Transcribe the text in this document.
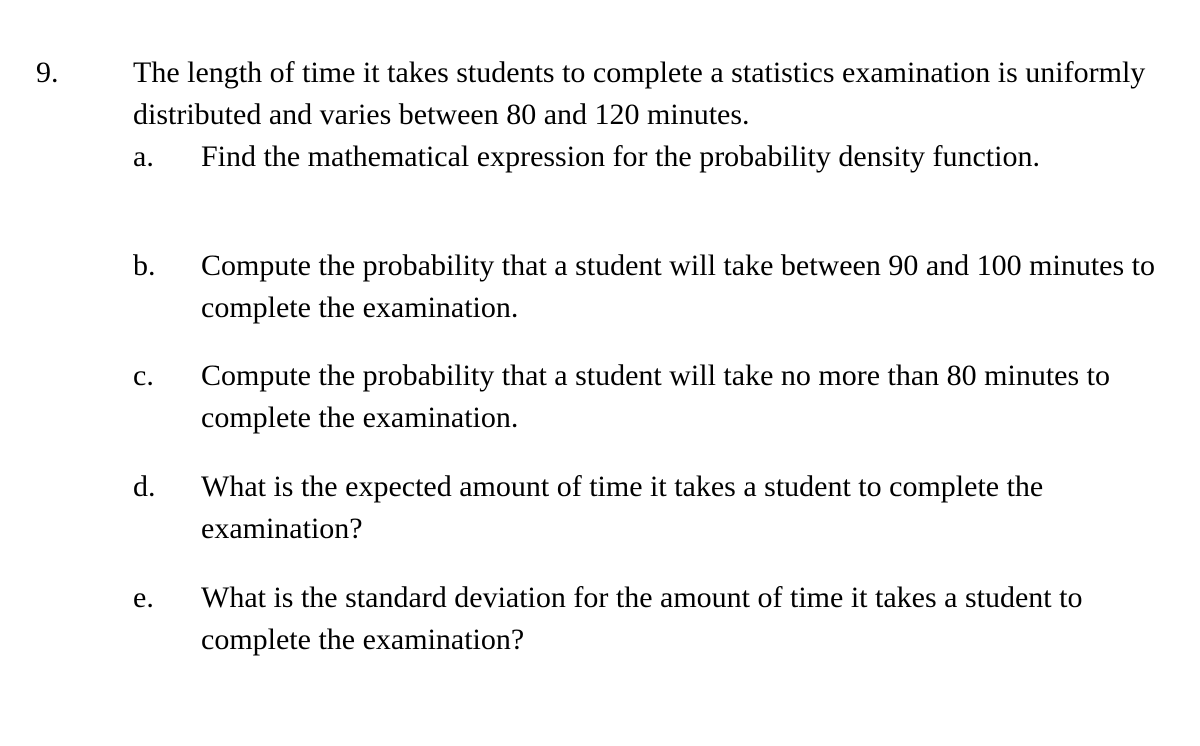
9. The length of time it takes students to complete a statistics examination is uniformly distributed and varies between 80 and 120 minutes.
a. Find the mathematical expression for the probability density function.
b. Compute the probability that a student will take between 90 and 100 minutes to complete the examination.
c. Compute the probability that a student will take no more than 80 minutes to complete the examination.
d. What is the expected amount of time it takes a student to complete the examination?
e. What is the standard deviation for the amount of time it takes a student to complete the examination?
